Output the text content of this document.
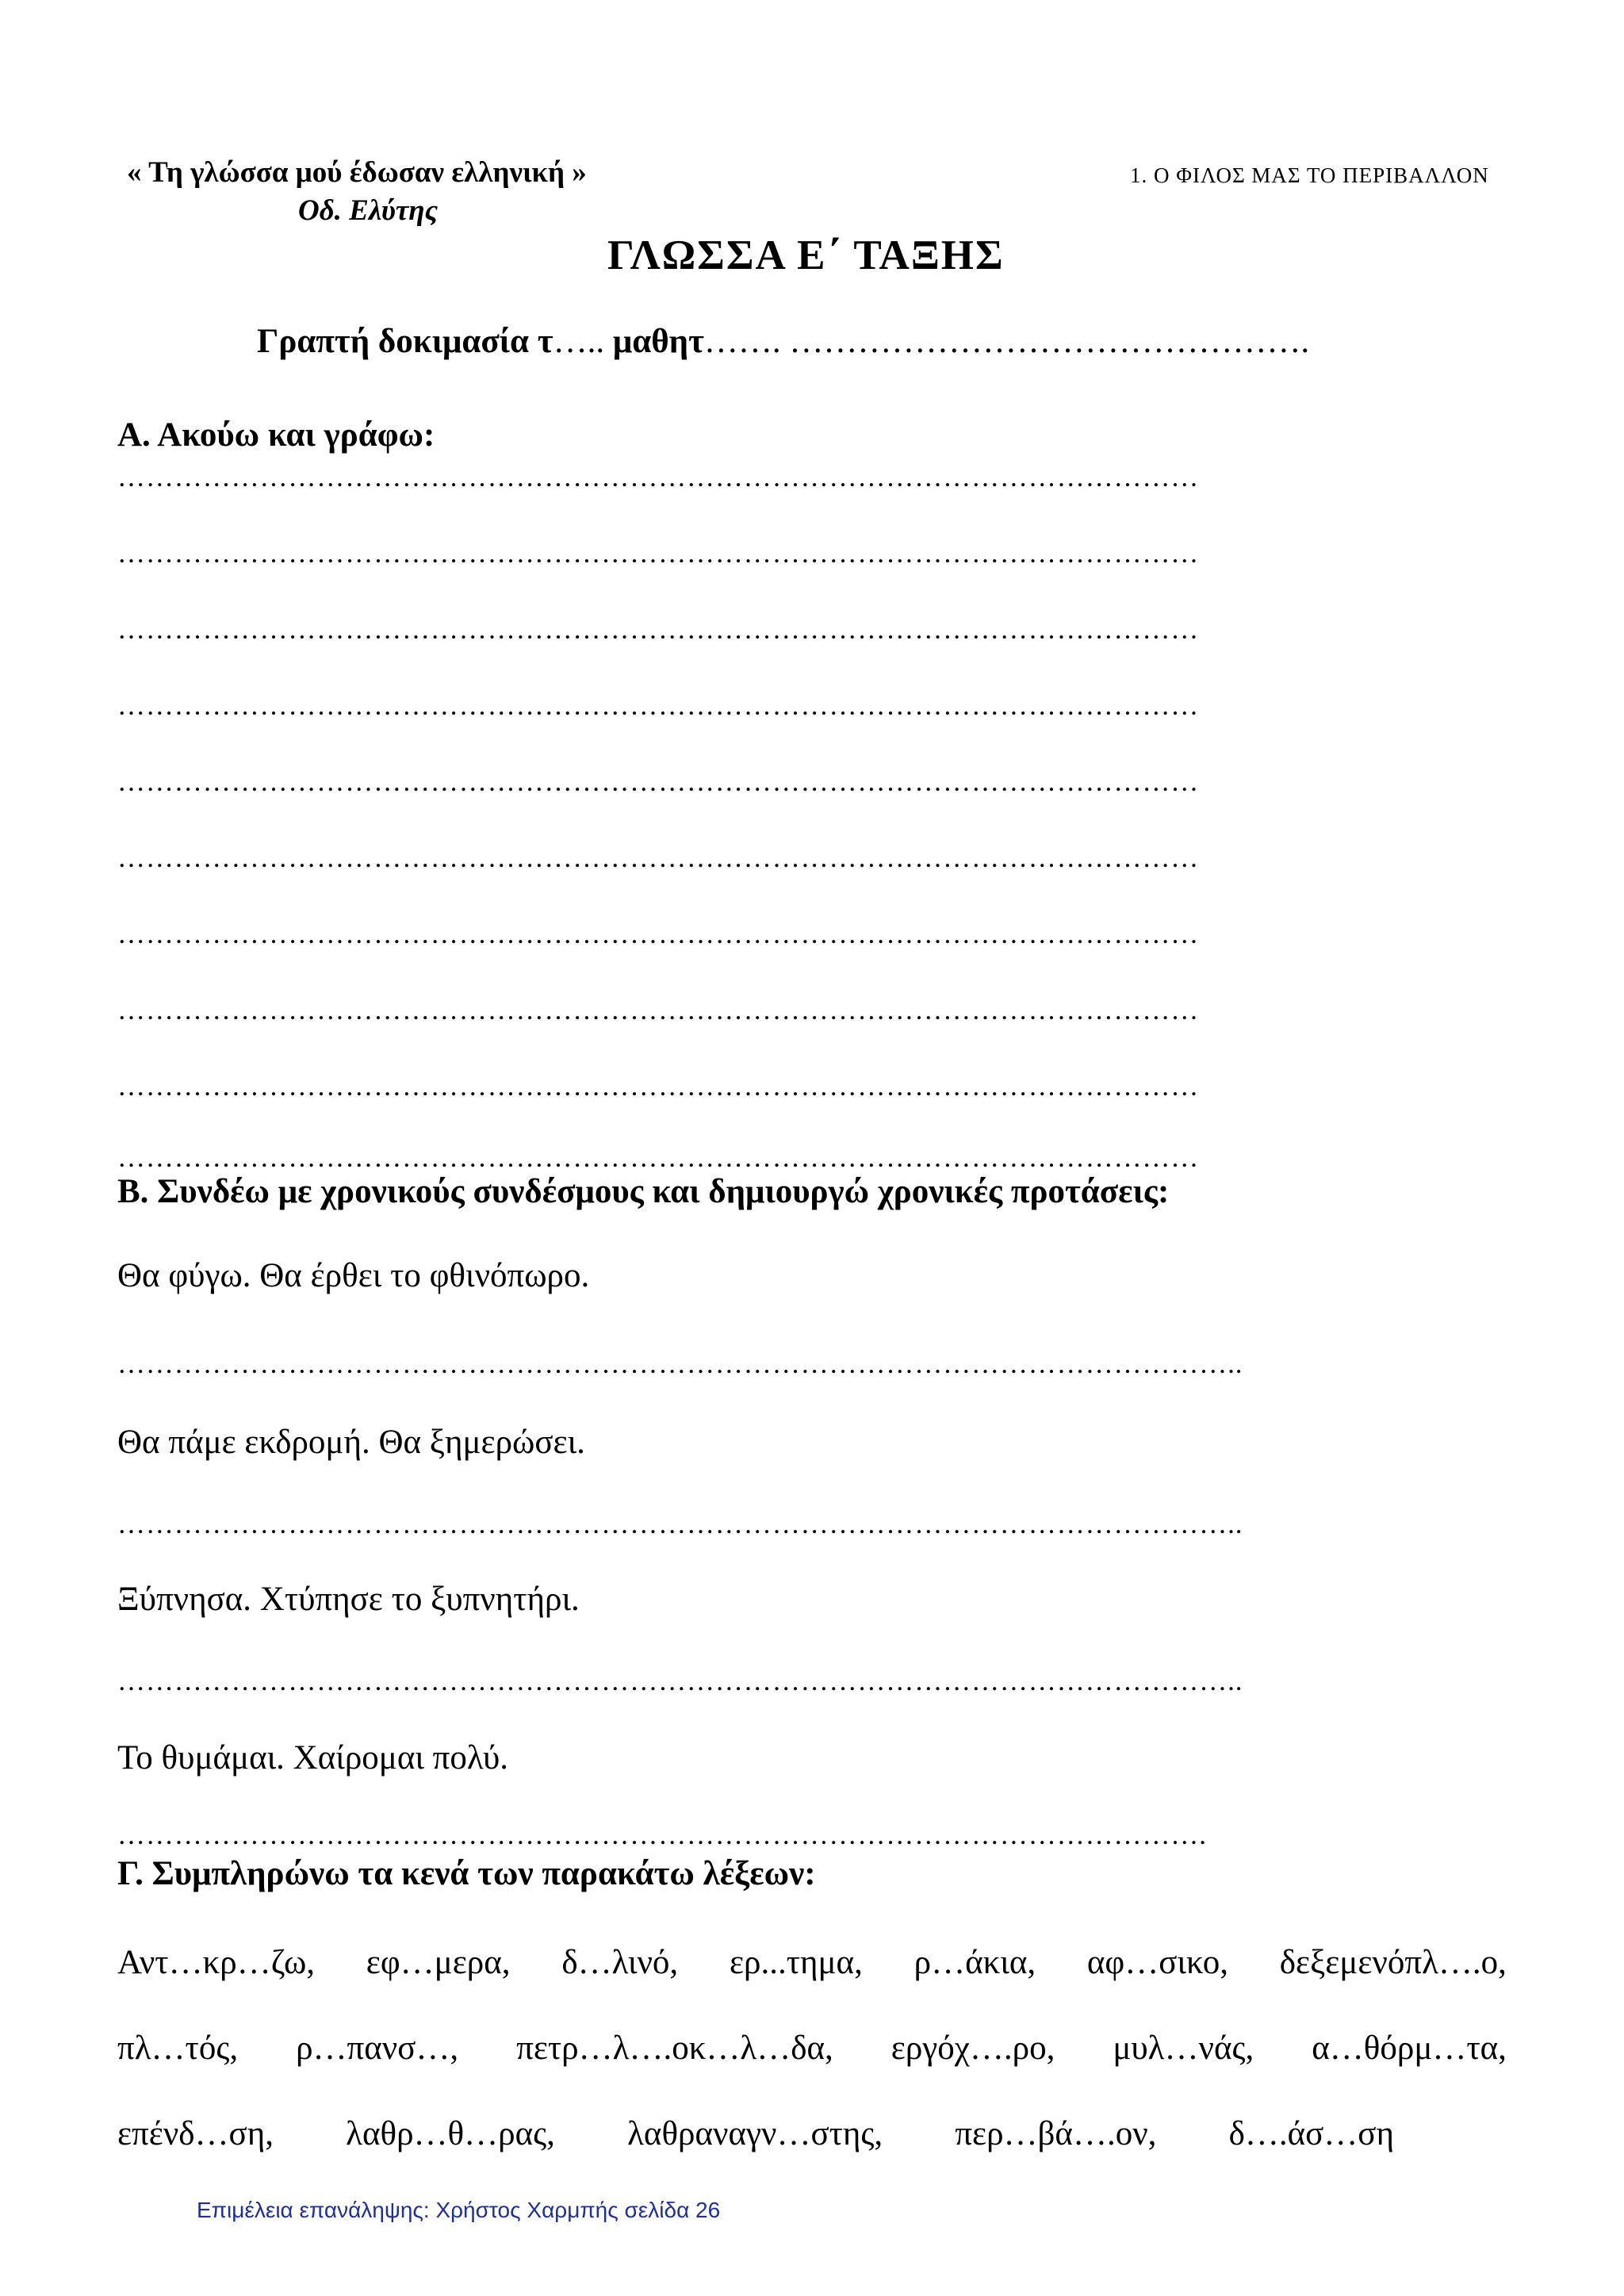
« Τη γλώσσα μού έδωσαν ελληνική »
Οδ. Ελύτης
1. Ο ΦΙΛΟΣ ΜΑΣ ΤΟ ΠΕΡΙΒΑΛΛΟΝ
ΓΛΩΣΣΑ Ε΄ ΤΑΞΗΣ
Γραπτή δοκιμασία τ….. μαθητ……. ……………………………………….
Α. Ακούω και γράφω:
……………………………………………………………………………………………………
……………………………………………………………………………………………………
……………………………………………………………………………………………………
……………………………………………………………………………………………………
……………………………………………………………………………………………………
……………………………………………………………………………………………………
……………………………………………………………………………………………………
……………………………………………………………………………………………………
……………………………………………………………………………………………………
……………………………………………………………………………………………………
Β. Συνδέω με χρονικούς συνδέσμους και δημιουργώ χρονικές προτάσεις:
Θα φύγω. Θα έρθει το φθινόπωρο.
………………………………………………………………………………………………………..
Θα πάμε εκδρομή. Θα ξημερώσει.
………………………………………………………………………………………………………..
Ξύπνησα. Χτύπησε το ξυπνητήρι.
………………………………………………………………………………………………………..
Το θυμάμαι. Χαίρομαι πολύ.
…………………………………………………………………………………………………….
Γ. Συμπληρώνω τα κενά των παρακάτω λέξεων:
Αντ…κρ…ζω, εφ…μερα, δ…λινό, ερ...τημα, ρ…άκια, αφ…σικο, δεξεμενόπλ….ο,
πλ…τός, ρ…πανσ…, πετρ…λ….οκ…λ…δα, εργόχ….ρο, μυλ…νάς, α…θόρμ…τα,
επένδ…ση, λαθρ…θ…ρας, λαθραναγν…στης, περ…βά….ον, δ….άσ…ση
Επιμέλεια επανάληψης: Χρήστος Χαρμπής σελίδα 26
